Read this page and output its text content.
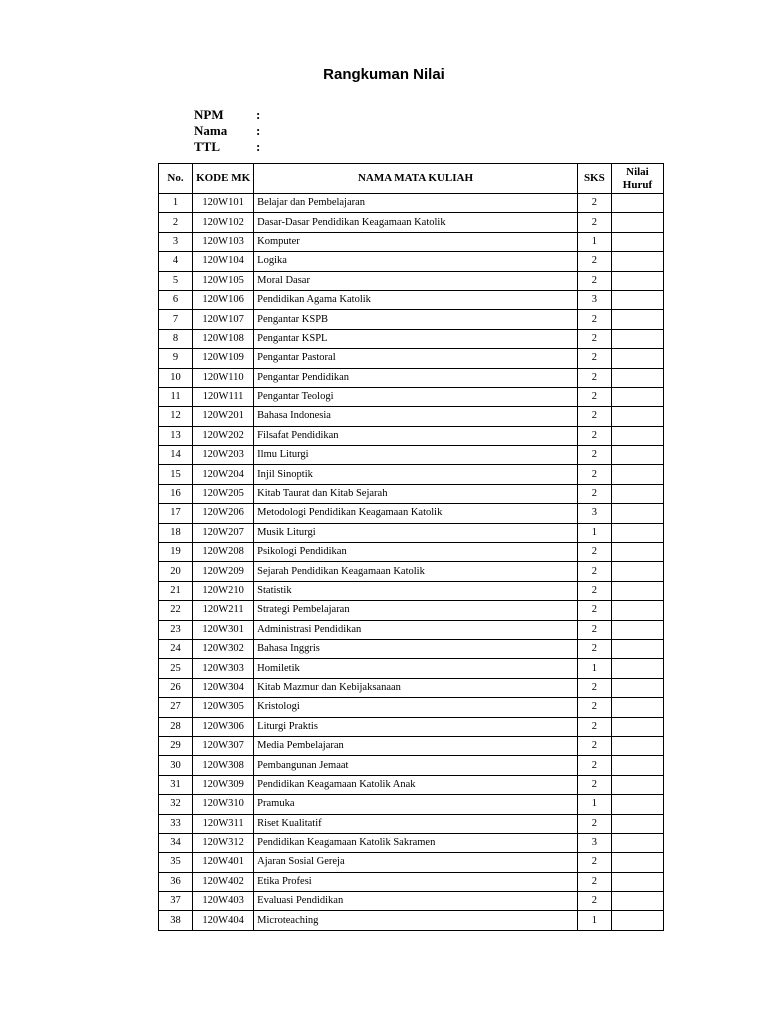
Rangkuman Nilai
NPM	:
Nama	:
TTL	:
No.	KODE MK	NAMA MATA KULIAH	SKS	Nilai
Huruf

1	120W101	Belajar dan Pembelajaran	2	
2	120W102	Dasar-Dasar Pendidikan Keagamaan Katolik	2	
3	120W103	Komputer	1	
4	120W104	Logika	2	
5	120W105	Moral Dasar	2	
6	120W106	Pendidikan Agama Katolik	3	
7	120W107	Pengantar KSPB	2	
8	120W108	Pengantar KSPL	2	
9	120W109	Pengantar Pastoral	2	
10	120W110	Pengantar Pendidikan	2	
11	120W111	Pengantar Teologi	2	
12	120W201	Bahasa Indonesia	2	
13	120W202	Filsafat Pendidikan	2	
14	120W203	Ilmu Liturgi	2	
15	120W204	Injil Sinoptik	2	
16	120W205	Kitab Taurat dan Kitab Sejarah	2	
17	120W206	Metodologi Pendidikan Keagamaan Katolik	3	
18	120W207	Musik Liturgi	1	
19	120W208	Psikologi Pendidikan	2	
20	120W209	Sejarah Pendidikan Keagamaan Katolik	2	
21	120W210	Statistik	2	
22	120W211	Strategi Pembelajaran	2	
23	120W301	Administrasi Pendidikan	2	
24	120W302	Bahasa Inggris	2	
25	120W303	Homiletik	1	
26	120W304	Kitab Mazmur dan Kebijaksanaan	2	
27	120W305	Kristologi	2	
28	120W306	Liturgi Praktis	2	
29	120W307	Media Pembelajaran	2	
30	120W308	Pembangunan Jemaat	2	
31	120W309	Pendidikan Keagamaan Katolik Anak	2	
32	120W310	Pramuka	1	
33	120W311	Riset Kualitatif	2	
34	120W312	Pendidikan Keagamaan Katolik Sakramen	3	
35	120W401	Ajaran Sosial Gereja	2	
36	120W402	Etika Profesi	2	
37	120W403	Evaluasi Pendidikan	2	
38	120W404	Microteaching	1	
